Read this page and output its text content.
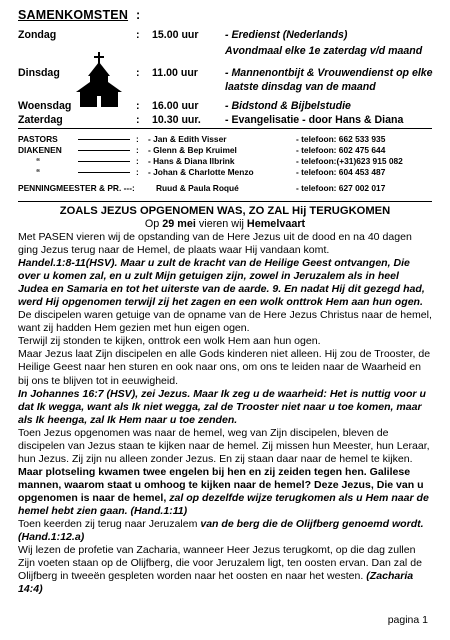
SAMENKOMSTEN :
Zondag	: 15.00 uur - Eredienst (Nederlands)
Avondmaal elke 1e zaterdag v/d maand
Dinsdag	: 11.00 uur	- Mannenontbijt & Vrouwendienst op elke
laatste dinsdag van de maand
Woensdag	: 16.00 uur - Bidstond & Bijbelstudie
Zaterdag	: 10.30 uur. - Evangelisatie - door Hans & Diana
PASTORS	: - Jan & Edith Visser	- telefoon: 662 533 935
DIAKENEN	: - Glenn & Bep Kruimel	- telefoon: 602 475 644
“	: - Hans & Diana Ilbrink	- telefoon:(+31)623 915 082
“	: - Johan & Charlotte Menzo	- telefoon: 604 453 487
PENNINGMEESTER & PR. ---:	Ruud & Paula Roqué	- telefoon: 627 002 017
ZOALS JEZUS OPGENOMEN WAS, ZO ZAL Hij TERUGKOMEN
Op 29 mei vieren wij Hemelvaart

Met PASEN vieren wij de opstanding van de Here Jezus uit de dood en na 40 dagen ging Jezus terug naar de Hemel, de plaats waar Hij vandaan komt.

Handel.1:8-11(HSV). Maar u zult de kracht van de Heilige Geest ontvangen, Die over u komen zal, en u zult Mijn getuigen zijn, zowel in Jeruzalem als in heel Judea en Samaria en tot het uiterste van de aarde. 9. En nadat Hij dit gezegd had, werd Hij opgenomen terwijl zij het zagen en een wolk onttrok Hem aan hun ogen.

De discipelen waren getuige van de opname van de Here Jezus Christus naar de hemel, want zij hadden Hem gezien met hun eigen ogen.

Terwijl zij stonden te kijken, onttrok een wolk Hem aan hun ogen.

Maar Jezus laat Zijn discipelen en alle Gods kinderen niet alleen. Hij zou de Trooster, de Heilige Geest naar hen sturen en ook naar ons, om ons te leiden naar de Waarheid en bij ons te blijven tot in eeuwigheid.

In Johannes 16:7 (HSV), zei Jezus. Maar Ik zeg u de waarheid: Het is nuttig voor u dat Ik wegga, want als Ik niet wegga, zal de Trooster niet naar u toe komen, maar als Ik heenga, zal Ik Hem naar u toe zenden.

Toen Jezus opgenomen was naar de hemel, weg van Zijn discipelen, bleven de discipelen van Jezus staan te kijken naar de hemel. Zij missen hun Meester, hun Leraar, hun Jezus. Zij zijn nu alleen zonder Jezus. En zij staan daar naar de hemel te kijken.

Maar plotseling kwamen twee engelen bij hen en zij zeiden tegen hen. Galilese mannen, waarom staat u omhoog te kijken naar de hemel? Deze Jezus, Die van u opgenomen is naar de hemel, zal op dezelfde wijze terugkomen als u Hem naar de hemel hebt zien gaan. (Hand.1:11)

Toen keerden zij terug naar Jeruzalem van de berg die de Olijfberg genoemd wordt. (Hand.1:12.a)

Wij lezen de profetie van Zacharia, wanneer Heer Jezus terugkomt, op die dag zullen Zijn voeten staan op de Olijfberg, die voor Jeruzalem ligt, ten oosten ervan. Dan zal de Olijfberg in tweeën gespleten worden naar het oosten en naar het westen. (Zacharia 14:4)

pagina 1
